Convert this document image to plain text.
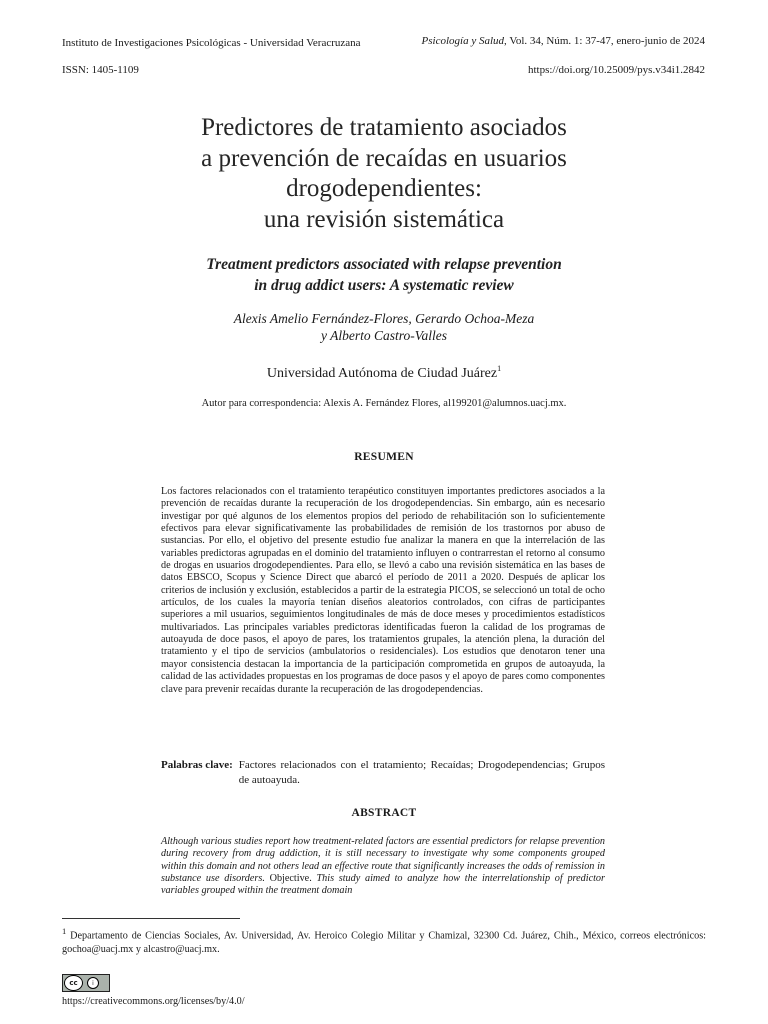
Instituto de Investigaciones Psicológicas - Universidad Veracruzana	Psicología y Salud, Vol. 34, Núm. 1: 37-47, enero-junio de 2024
ISSN: 1405-1109	https://doi.org/10.25009/pys.v34i1.2842
Predictores de tratamiento asociados
a prevención de recaídas en usuarios
drogodependientes:
una revisión sistemática
Treatment predictors associated with relapse prevention
in drug addict users: A systematic review
Alexis Amelio Fernández-Flores, Gerardo Ochoa-Meza
y Alberto Castro-Valles
Universidad Autónoma de Ciudad Juárez$^1$
Autor para correspondencia: Alexis A. Fernández Flores, al199201@alumnos.uacj.mx.
RESUMEN
Los factores relacionados con el tratamiento terapéutico constituyen importantes predictores asociados a la prevención de recaídas durante la recuperación de los drogodependencias. Sin embargo, aún es necesario investigar por qué algunos de los elementos propios del periodo de rehabilitación son lo suficientemente efectivos para elevar significativamente las probabilidades de remisión de los trastornos por abuso de sustancias. Por ello, el objetivo del presente estudio fue analizar la manera en que la interrelación de las variables predictoras agrupadas en el dominio del tratamiento influyen o contrarrestan el retorno al consumo de drogas en usuarios drogodependientes. Para ello, se llevó a cabo una revisión sistemática en las bases de datos EBSCO, Scopus y Science Direct que abarcó el período de 2011 a 2020. Después de aplicar los criterios de inclusión y exclusión, establecidos a partir de la estrategia PICOS, se seleccionó un total de ocho artículos, de los cuales la mayoría tenían diseños aleatorios controlados, con cifras de participantes superiores a mil usuarios, seguimientos longitudinales de más de doce meses y procedimientos estadísticos multivariados. Las principales variables predictoras identificadas fueron la calidad de los programas de autoayuda de doce pasos, el apoyo de pares, los tratamientos grupales, la atención plena, la duración del tratamiento y el tipo de servicios (ambulatorios o residenciales). Los estudios que denotaron tener una mayor consistencia destacan la importancia de la participación comprometida en grupos de autoayuda, la calidad de las actividades propuestas en los programas de doce pasos y el apoyo de pares como componentes clave para prevenir recaídas durante la recuperación de las drogodependencias.
Palabras clave: Factores relacionados con el tratamiento; Recaídas; Drogodependencias; Grupos de autoayuda.
ABSTRACT
Although various studies report how treatment-related factors are essential predictors for relapse prevention during recovery from drug addiction, it is still necessary to investigate why some components grouped within this domain and not others lead an effective route that significantly increases the odds of remission in substance use disorders. Objective. This study aimed to analyze how the interrelationship of predictor variables grouped within the treatment domain
$^1$ Departamento de Ciencias Sociales, Av. Universidad, Av. Heroico Colegio Militar y Chamizal, 32300 Cd. Juárez, Chih., México, correos electrónicos: gochoa@uacj.mx y alcastro@uacj.mx.
cc	i
https://creativecommons.org/licenses/by/4.0/
